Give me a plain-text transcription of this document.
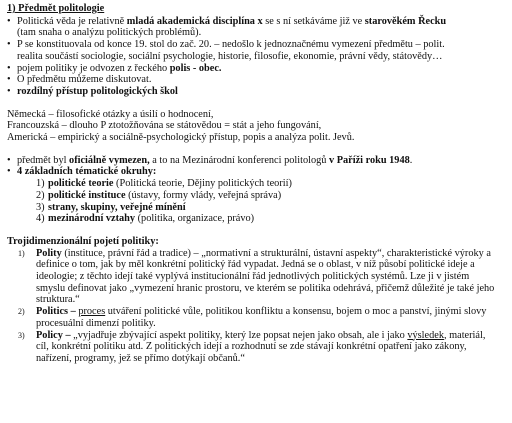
1) Předmět politologie
• Politická věda je relativně mladá akademická disciplína x se s ní setkáváme již ve starověkém Řecku
(tam snaha o analýzu politických problémů).
• P se konstituovala od konce 19. stol do zač. 20. – nedošlo k jednoznačnému vymezení předmětu – polit.
realita součástí sociologie, sociální psychologie, historie, filosofie, ekonomie, právní vědy, státovědy…
• pojem politiky je odvozen z řeckého polis - obec.
• O předmětu můžeme diskutovat.
• rozdílný přístup politologických škol
Německá – filosofické otázky a úsilí o hodnocení,
Francouzská – dlouho P ztotožňována se státovědou = stát a jeho fungování,
Americká – empirický a sociálně-psychologický přístup, popis a analýza polit. Jevů.
• předmět byl oficiálně vymezen, a to na Mezinárodní konferenci politologů v Paříži roku 1948.
• 4 základních tématické okruhy:
1) politické teorie (Politická teorie, Dějiny politických teorií)
2) politické instituce (ústavy, formy vlády, veřejná správa)
3) strany, skupiny, veřejné mínění
4) mezinárodní vztahy (politika, organizace, právo)
Trojidimenzionální pojetí politiky:
1)	Polity (instituce, právní řád a tradice) – „normativní a strukturální, ústavní aspekty“, charakteristické výroky a definice o tom, jak by měl konkrétní politický řád vypadat. Jedná se o oblast, v níž působí politické ideje a ideologie; z těchto idejí také vyplývá institucionální řád jednotlivých politických systémů. Lze ji v jistém smyslu definovat jako „vymezení hranic prostoru, ve kterém se politika odehrává, přičemž důležité je také jeho struktura.“
2)	Politics – proces utváření politické vůle, politikou konfliktu a konsensu, bojem o moc a panství, jinými slovy procesuální dimenzí politiky.
3)	Policy – „vyjadřuje zbývající aspekt politiky, který lze popsat nejen jako obsah, ale i jako výsledek, materiál, cíl, konkrétní politiku atd. Z politických idejí a rozhodnutí se zde stávají konkrétní opatření jako zákony, nařízení, programy, jež se přímo dotýkají občanů.“
